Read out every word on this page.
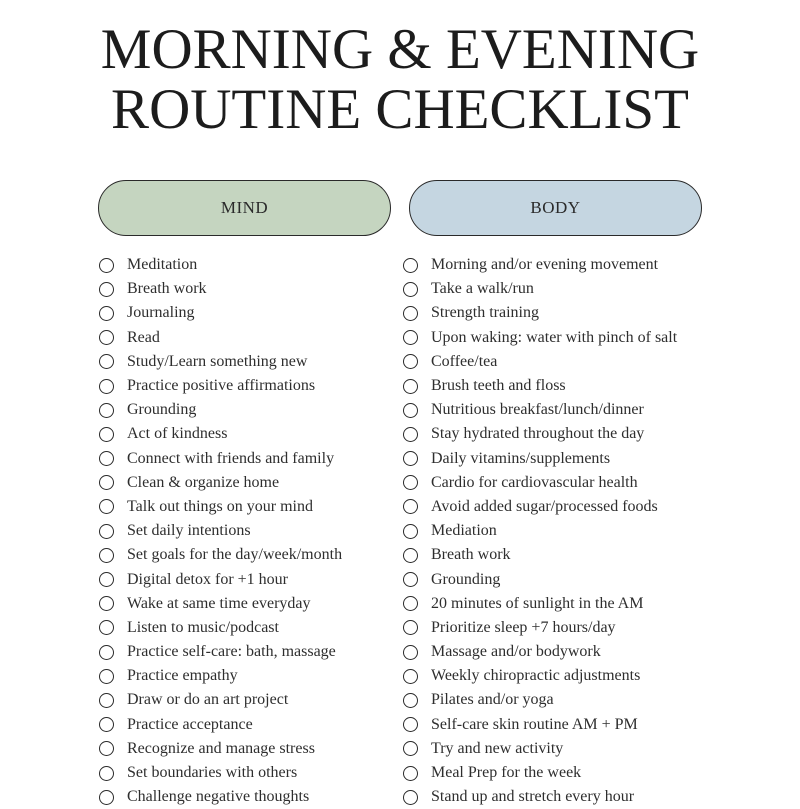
MORNING & EVENING
ROUTINE CHECKLIST
MIND	BODY
Meditation
Breath work
Journaling
Read
Study/Learn something new
Practice positive affirmations
Grounding
Act of kindness
Connect with friends and family
Clean & organize home
Talk out things on your mind
Set daily intentions
Set goals for the day/week/month
Digital detox for +1 hour
Wake at same time everyday
Listen to music/podcast
Practice self-care: bath, massage
Practice empathy
Draw or do an art project
Practice acceptance
Recognize and manage stress
Set boundaries with others
Challenge negative thoughts
Morning and/or evening movement
Take a walk/run
Strength training
Upon waking: water with pinch of salt
Coffee/tea
Brush teeth and floss
Nutritious breakfast/lunch/dinner
Stay hydrated throughout the day
Daily vitamins/supplements
Cardio for cardiovascular health
Avoid added sugar/processed foods
Mediation
Breath work
Grounding
20 minutes of sunlight in the AM
Prioritize sleep +7 hours/day
Massage and/or bodywork
Weekly chiropractic adjustments
Pilates and/or yoga
Self-care skin routine AM + PM
Try and new activity
Meal Prep for the week
Stand up and stretch every hour
